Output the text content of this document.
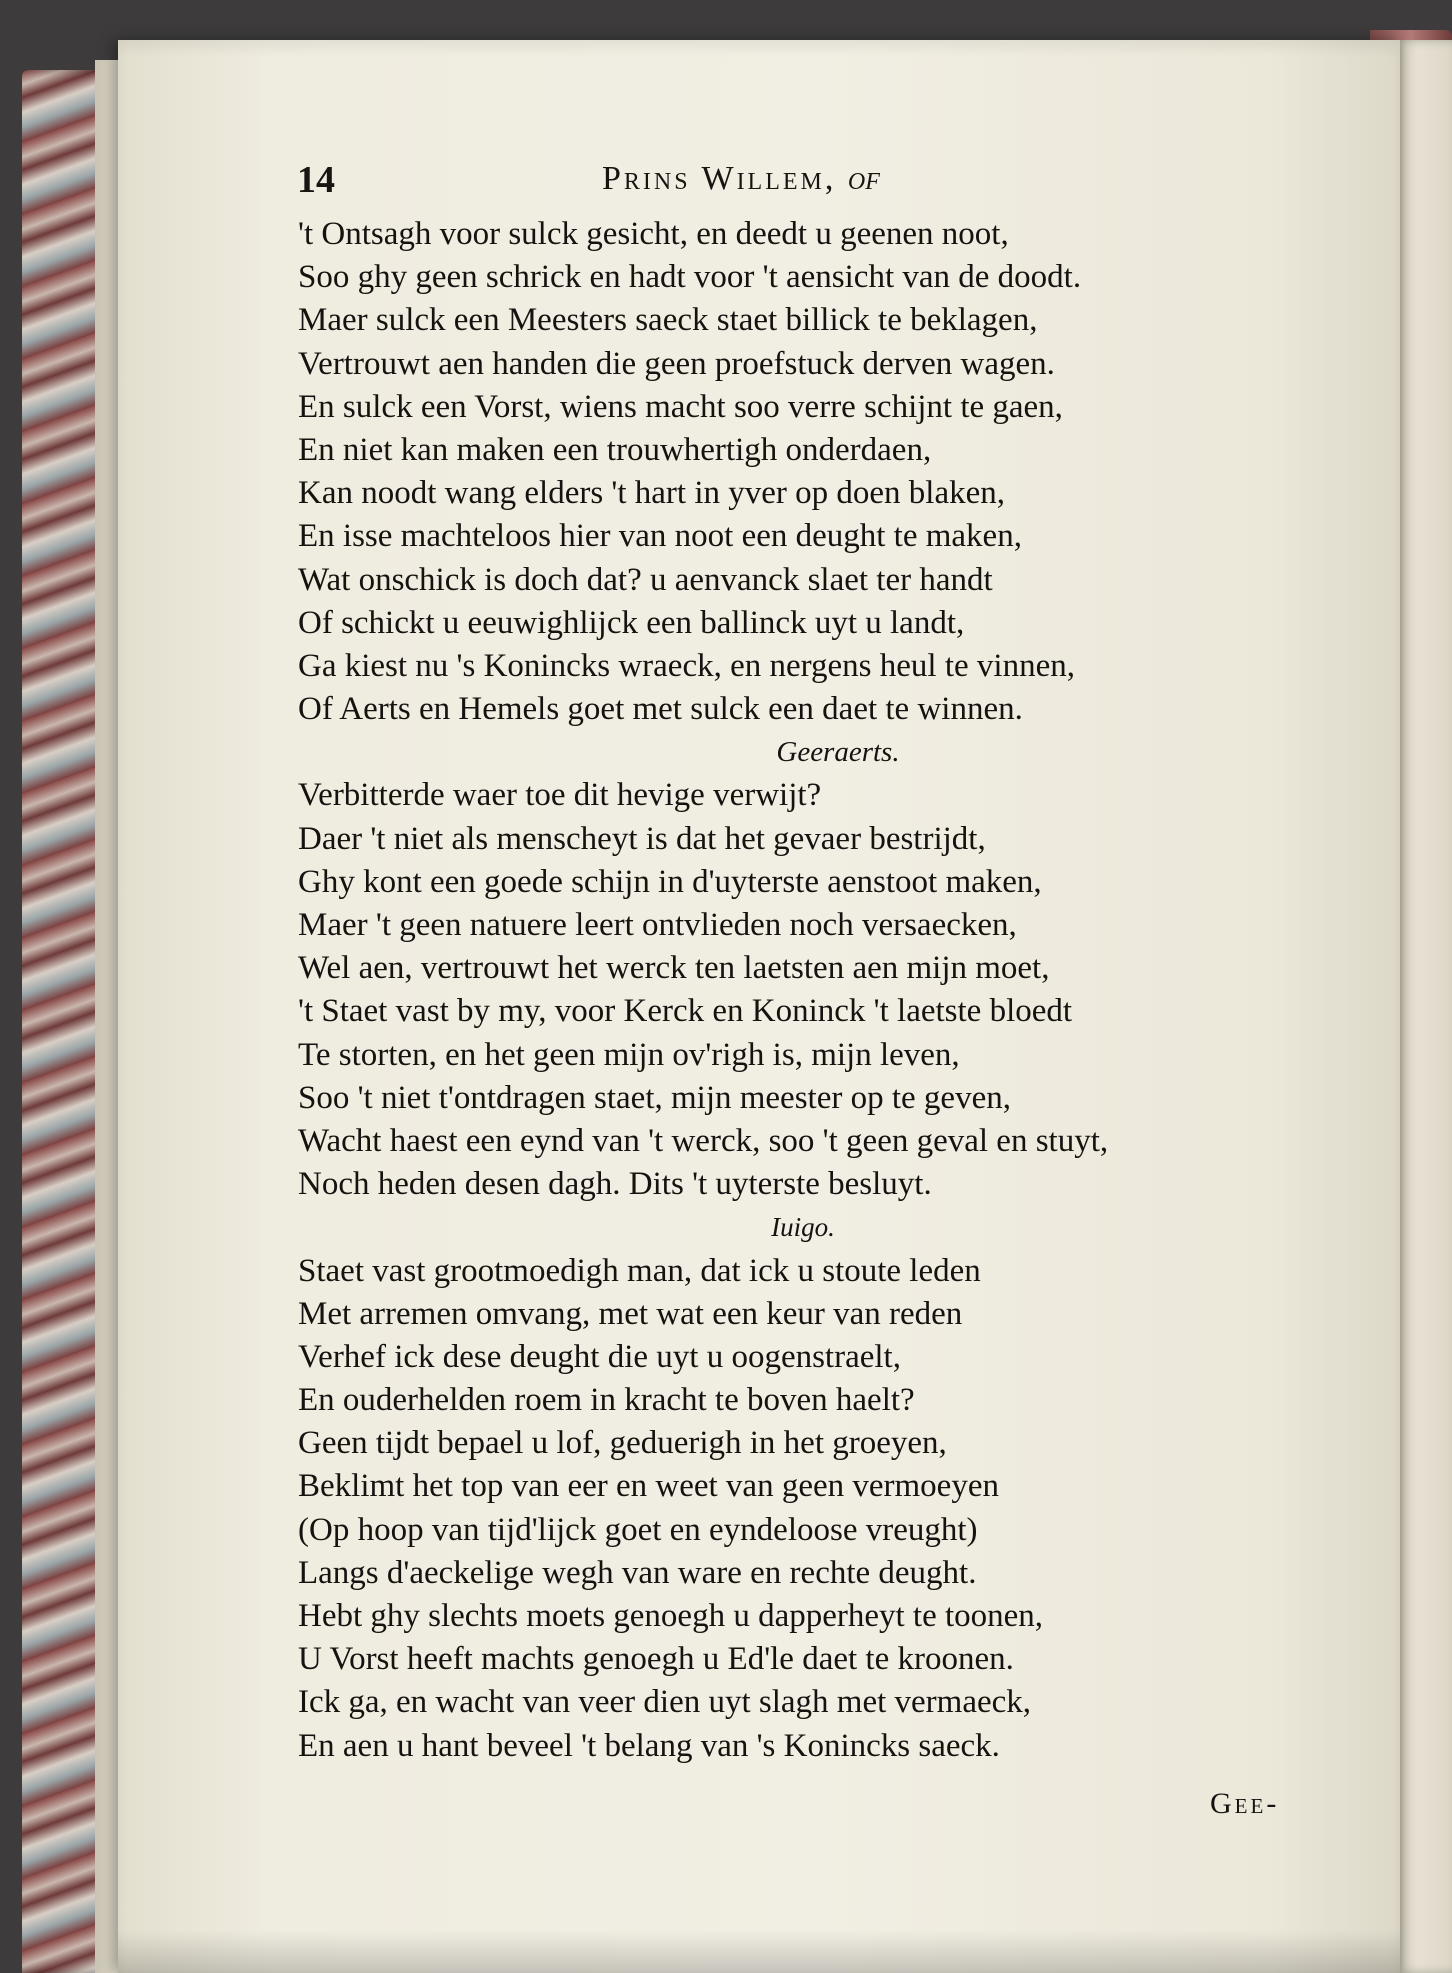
14	Prins Willem, of
't Ontsagh voor sulck gesicht, en deedt u geenen noot,
Soo ghy geen schrick en hadt voor 't aensicht van de doodt.
Maer sulck een Meesters saeck staet billick te beklagen,
Vertrouwt aen handen die geen proefstuck derven wagen.
En sulck een Vorst, wiens macht soo verre schijnt te gaen,
En niet kan maken een trouwhertigh onderdaen,
Kan noodt wang elders 't hart in yver op doen blaken,
En isse machteloos hier van noot een deught te maken,
Wat onschick is doch dat? u aenvanck slaet ter handt
Of schickt u eeuwighlijck een ballinck uyt u landt,
Ga kiest nu 's Konincks wraeck, en nergens heul te vinnen,
Of Aerts en Hemels goet met sulck een daet te winnen.
Geeraerts.
Verbitterde waer toe dit hevige verwijt?
Daer 't niet als menscheyt is dat het gevaer bestrijdt,
Ghy kont een goede schijn in d'uyterste aenstoot maken,
Maer 't geen natuere leert ontvlieden noch versaecken,
Wel aen, vertrouwt het werck ten laetsten aen mijn moet,
't Staet vast by my, voor Kerck en Koninck 't laetste bloedt
Te storten, en het geen mijn ov'righ is, mijn leven,
Soo 't niet t'ontdragen staet, mijn meester op te geven,
Wacht haest een eynd van 't werck, soo 't geen geval en stuyt,
Noch heden desen dagh. Dits 't uyterste besluyt.
Iuigo.
Staet vast grootmoedigh man, dat ick u stoute leden
Met arremen omvang, met wat een keur van reden
Verhef ick dese deught die uyt u oogenstraelt,
En ouderhelden roem in kracht te boven haelt?
Geen tijdt bepael u lof, geduerigh in het groeyen,
Beklimt het top van eer en weet van geen vermoeyen
(Op hoop van tijd'lijck goet en eyndeloose vreught)
Langs d'aeckelige wegh van ware en rechte deught.
Hebt ghy slechts moets genoegh u dapperheyt te toonen,
U Vorst heeft machts genoegh u Ed'le daet te kroonen.
Ick ga, en wacht van veer dien uyt slagh met vermaeck,
En aen u hant beveel 't belang van 's Konincks saeck.
Gee-
